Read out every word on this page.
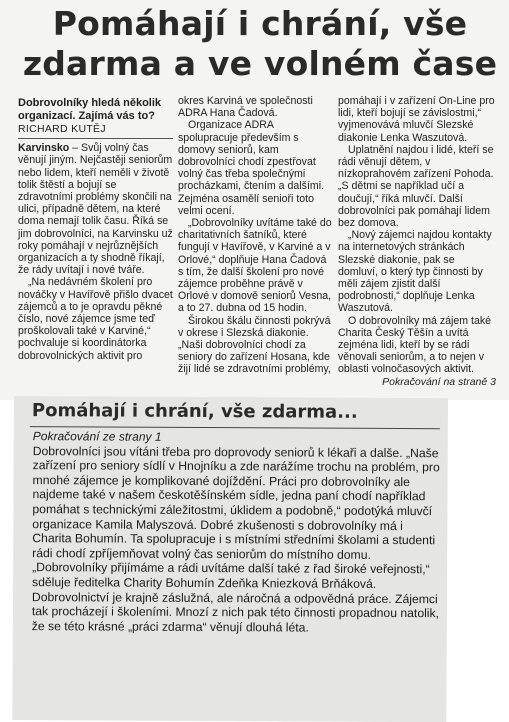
Pomáhají i chrání, vše zdarma a ve volném čase

Dobrovolníky hledá několik organizací. Zajímá vás to?

RICHARD KUTĚJ

Karvinsko – Svůj volný čas věnují jiným. Nejčastěji seniorům nebo lidem, kteří neměli v životě tolik štěstí a bojují se zdravotními problémy skončili na ulici, případně dětem, na které doma nemají tolik času. Říká se jim dobrovolníci, na Karvinsku už roky pomáhají v nejrůznějších organizacích a ty shodně říkají, že rády uvítají i nové tváře.

„Na nedávném školení pro nováčky v Havířově přišlo dvacet zájemců a to je opravdu pěkné číslo, nové zájemce jsme teď proškolovali také v Karviné,“ pochvaluje si koordinátorka dobrovolnických aktivit pro

okres Karviná ve společnosti ADRA Hana Čadová.

Organizace ADRA spolupracuje především s domovy seniorů, kam dobrovolníci chodí zpestřovat volný čas třeba společnými procházkami, čtením a dalšími. Zejména osamělí senioři toto velmi ocení.

„Dobrovolníky uvítáme také do charitativních šatníků, které fungují v Havířově, v Karviné a v Orlové,“ doplňuje Hana Čadová s tím, že další školení pro nové zájemce proběhne právě v Orlové v domově seniorů Vesna, a to 27. dubna od 15 hodin.

Širokou škálu činnosti pokrývá v okrese i Slezská diakonie. „Naši dobrovolníci chodí za seniory do zařízení Hosana, kde žijí lidé se zdravotními problémy,

pomáhají i v zařízení On-Line pro lidi, kteří bojují se závislostmi,“ vyjmenovává mluvčí Slezské diakonie Lenka Waszutová.

Uplatnění najdou i lidé, kteří se rádi věnují dětem, v nízkoprahovém zařízení Pohoda. „S dětmi se například učí a doučují,“ říká mluvčí. Další dobrovolníci pak pomáhají lidem bez domova.

„Nový zájemci najdou kontakty na internetových stránkách Slezské diakonie, pak se domluví, o který typ činnosti by měli zájem zjistit další podrobnosti,“ doplňuje Lenka Waszutová.

O dobrovolníky má zájem také Charita Český Těšín a uvítá zejména lidi, kteří by se rádi věnovali seniorům, a to nejen v oblasti volnočasových aktivit.

Pokračování na straně 3

Pomáhají i chrání, vše zdarma...

Pokračování ze strany 1

Dobrovolníci jsou vítáni třeba pro doprovody seniorů k lékaři a dalše. „Naše zařízení pro seniory sídlí v Hnojníku a zde narážíme trochu na problém, pro mnohé zájemce je komplikované dojíždění. Práci pro dobrovolníky ale najdeme také v našem českotěšínském sídle, jedna paní chodí například pomáhat s technickými záležitostmi, úklidem a podobně,“ podotýká mluvčí organizace Kamila Malyszová. Dobré zkušenosti s dobrovolníky má i Charita Bohumín. Ta spolupracuje i s místními středními školami a studenti rádi chodí zpříjemňovat volný čas seniorům do místního domu. „Dobrovolníky přijímáme a rádi uvítáme další také z řad široké veřejnosti,“ sděluje ředitelka Charity Bohumín Zdeňka Kniezková Brňáková.

Dobrovolnictví je krajně záslužná, ale náročná a odpovědná práce. Zájemci tak procházejí i školeními. Mnozí z nich pak této činnosti propadnou natolik, že se této krásné „práci zdarma“ věnují dlouhá léta.
